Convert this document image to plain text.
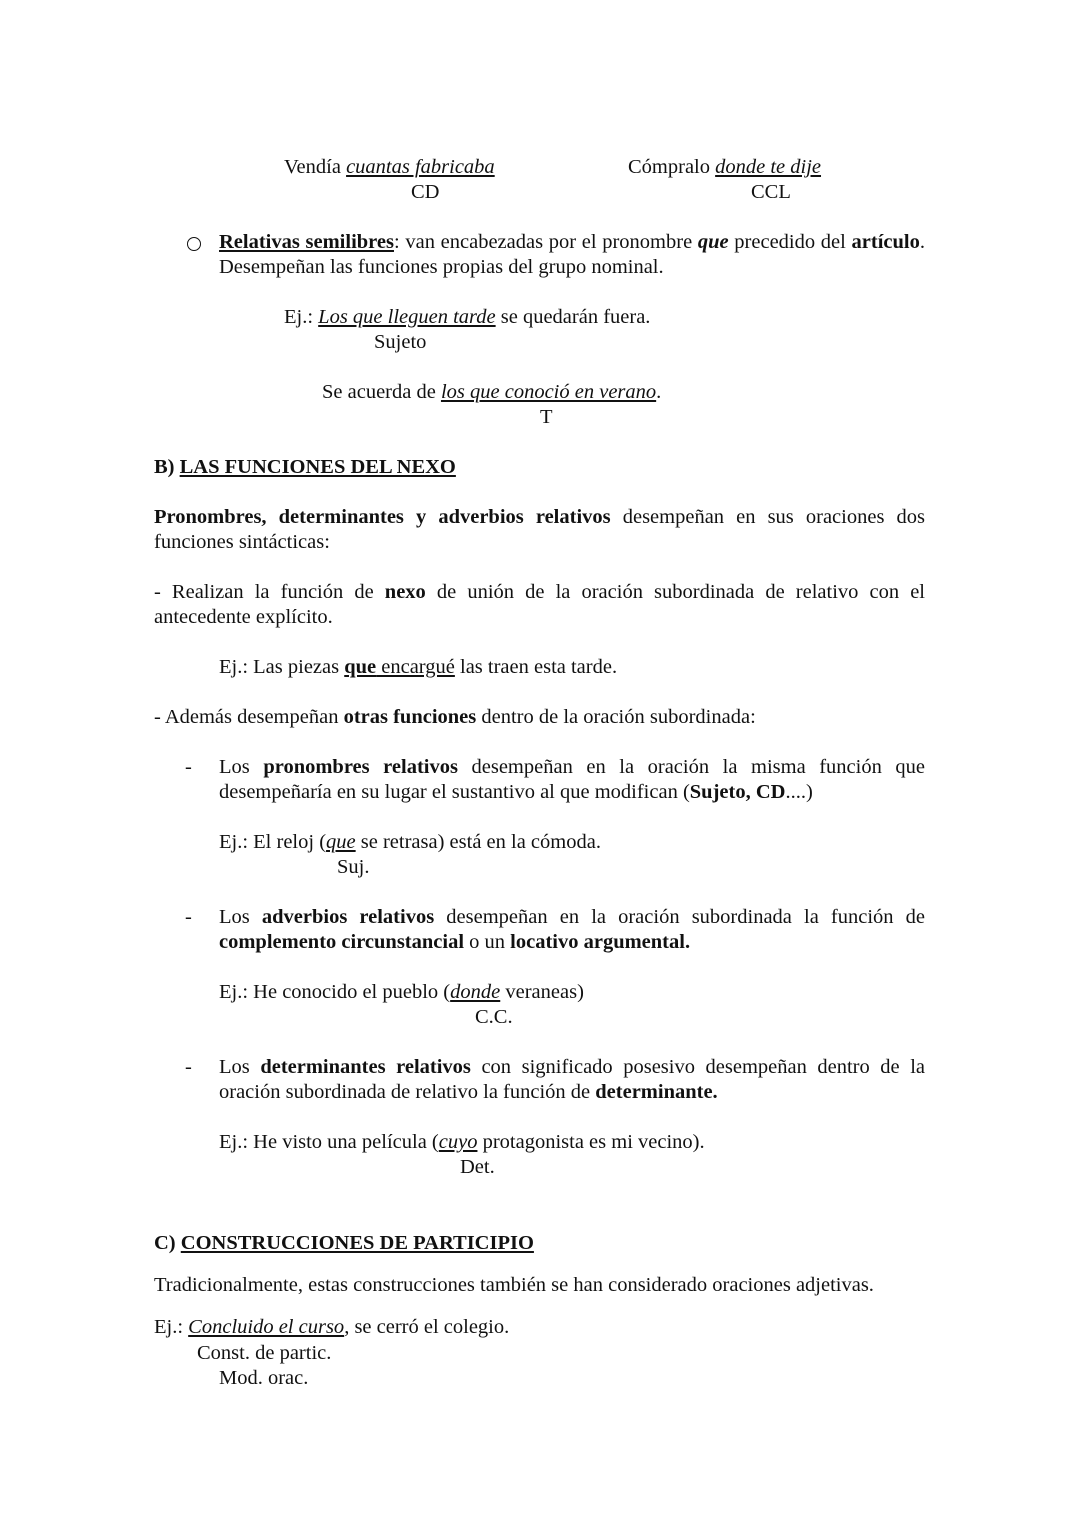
Vendía cuantas fabricaba
CD
Cómpralo donde te dije
CCL
Relativas semilibres: van encabezadas por el pronombre que precedido del artículo. Desempeñan las funciones propias del grupo nominal.
Ej.: Los que lleguen tarde se quedarán fuera.
Sujeto
Se acuerda de los que conoció en verano.
T
B) LAS FUNCIONES DEL NEXO
Pronombres, determinantes y adverbios relativos desempeñan en sus oraciones dos funciones sintácticas:
- Realizan la función de nexo de unión de la oración subordinada de relativo con el antecedente explícito.
Ej.: Las piezas que encargué las traen esta tarde.
- Además desempeñan otras funciones dentro de la oración subordinada:
- Los pronombres relativos desempeñan en la oración la misma función que desempeñaría en su lugar el sustantivo al que modifican (Sujeto, CD....)
Ej.: El reloj (que se retrasa) está en la cómoda.
Suj.
- Los adverbios relativos desempeñan en la oración subordinada la función de complemento circunstancial o un locativo argumental.
Ej.: He conocido el pueblo (donde veraneas)
C.C.
- Los determinantes relativos con significado posesivo desempeñan dentro de la oración subordinada de relativo la función de determinante.
Ej.: He visto una película (cuyo protagonista es mi vecino).
Det.
C) CONSTRUCCIONES DE PARTICIPIO
Tradicionalmente, estas construcciones también se han considerado oraciones adjetivas.
Ej.: Concluido el curso, se cerró el colegio.
Const. de partic.
Mod. orac.
